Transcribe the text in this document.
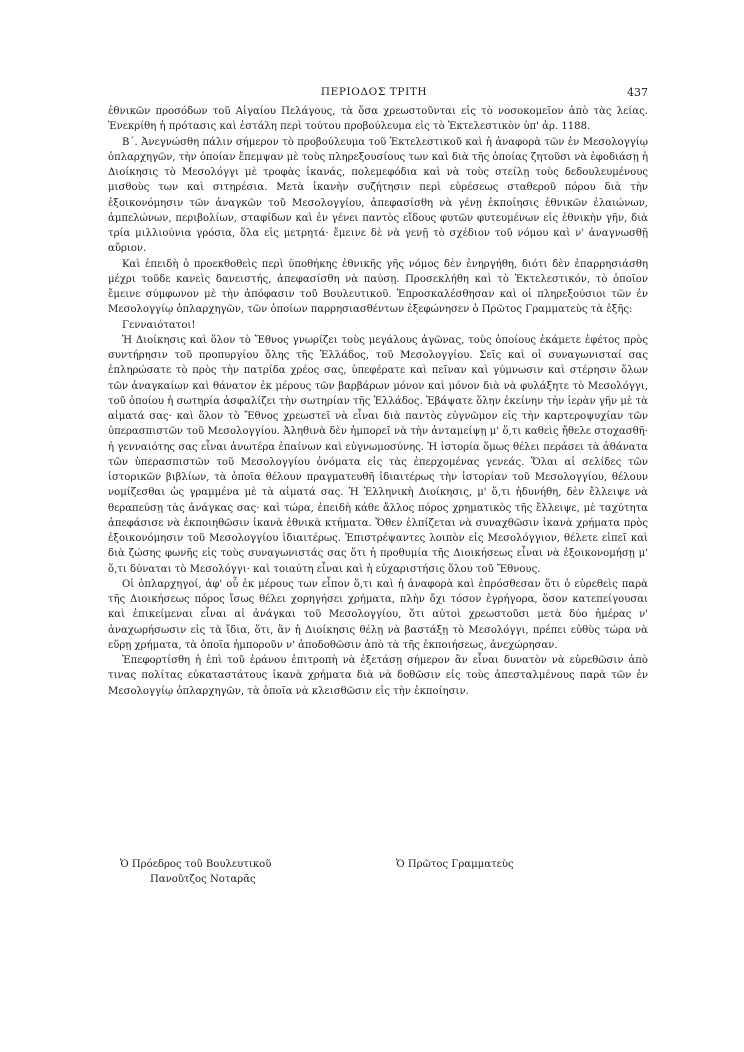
ΠΕΡΙΟΔΟΣ ΤΡΙΤΗ	437

ἐθνικῶν προσόδων τοῦ Αἰγαίου Πελάγους, τὰ ὅσα χρεωστοῦνται εἰς τὸ νοσοκομεῖον ἀπὸ τὰς λείας. Ἐνεκρίθη ἡ πρότασις καὶ ἐστάλη περὶ τούτου προβούλευμα εἰς τὸ Ἐκτελεστικὸν ὑπ' ἀρ. 1188.

Β΄. Ἀνεγνώσθη πάλιν σήμερον τὸ προβούλευμα τοῦ Ἐκτελεστικοῦ καὶ ἡ ἀναφορὰ τῶν ἐν Μεσολογγίῳ ὁπλαρχηγῶν, τὴν ὁποίαν ἔπεμψαν μὲ τοὺς πληρεξουσίους των καὶ διὰ τῆς ὁποίας ζητοῦσι νὰ ἐφοδιάσῃ ἡ Διοίκησις τὸ Μεσολόγγι μὲ τροφὰς ἱκανάς, πολεμεφόδια καὶ νὰ τοὺς στείλῃ τοὺς δεδουλευμένους μισθοὺς των καὶ σιτηρέσια. Μετὰ ἱκανὴν συζήτησιν περὶ εὑρέσεως σταθεροῦ πόρου διὰ τὴν ἐξοικονόμησιν τῶν ἀναγκῶν τοῦ Μεσολογγίου, ἀπεφασίσθη νὰ γένῃ ἐκποίησις ἐθνικῶν ἐλαιώνων, ἀμπελώνων, περιβολίων, σταφίδων καὶ ἐν γένει παντὸς εἴδους φυτῶν φυτευμένων εἰς ἐθνικὴν γῆν, διὰ τρία μιλλιούνια γρόσια, ὅλα εἰς μετρητά· ἔμεινε δὲ νὰ γενῇ τὸ σχέδιον τοῦ νόμου καὶ ν' ἀναγνωσθῇ αὔριον.

Καὶ ἐπειδὴ ὁ προεκθοθεὶς περὶ ὑποθήκης ἐθνικῆς γῆς νόμος δὲν ἐνηργήθη, διότι δὲν ἐπαρρησιάσθη μέχρι τοῦδε κανεὶς δανειστής, ἀπεφασίσθη νὰ παύσῃ. Προσεκλήθη καὶ τὸ Ἐκτελεστικόν, τὸ ὁποῖον ἔμεινε σύμφωνον μὲ τὴν ἀπόφασιν τοῦ Βουλευτικοῦ. Ἐπροσκαλέσθησαν καὶ οἱ πληρεξούσιοι τῶν ἐν Μεσολογγίῳ ὁπλαρχηγῶν, τῶν ὁποίων παρρησιασθέντων ἐξεφώνησεν ὁ Πρῶτος Γραμματεὺς τὰ ἑξῆς:

Γενναιότατοι!

Ἡ Διοίκησις καὶ ὅλον τὸ Ἔθνος γνωρίζει τοὺς μεγάλους ἀγῶνας, τοὺς ὁποίους ἐκάμετε ἐφέτος πρὸς συντήρησιν τοῦ προπυργίου ὅλης τῆς Ἑλλάδος, τοῦ Μεσολογγίου. Σεῖς καὶ οἱ συναγωνισταί σας ἐπληρώσατε τὸ πρὸς τὴν πατρίδα χρέος σας, ὑπεφέρατε καὶ πεῖναν καὶ γύμνωσιν καὶ στέρησιν ὅλων τῶν ἀναγκαίων καὶ θάνατον ἐκ μέρους τῶν βαρβάρων μόνον καὶ μόνον διὰ νὰ φυλάξητε τὸ Μεσολόγγι, τοῦ ὁποίου ἡ σωτηρία ἀσφαλίζει τὴν σωτηρίαν τῆς Ἑλλάδος. Ἐβάψατε ὅλην ἐκείνην τὴν ἱερὰν γῆν μὲ τὰ αἱματά σας· καὶ ὅλον τὸ Ἔθνος χρεωστεῖ νὰ εἶναι διὰ παντὸς εὐγνῶμον εἰς τὴν καρτεροψυχίαν τῶν ὑπερασπιστῶν τοῦ Μεσολογγίου. Ἀληθινὰ δὲν ἠμπορεῖ νὰ τὴν ἀνταμείψῃ μ' ὅ,τι καθεὶς ἤθελε στοχασθῆ· ἡ γενναιότης σας εἶναι ἀνωτέρα ἐπαίνων καὶ εὐγνωμοσύνης. Ἡ ἱστορία ὅμως θέλει περάσει τὰ ἀθάνατα τῶν ὑπερασπιστῶν τοῦ Μεσολογγίου ὀνόματα εἰς τὰς ἐπερχομένας γενεάς. Ὅλαι αἱ σελίδες τῶν ἱστορικῶν βιβλίων, τὰ ὁποῖα θέλουν πραγματευθῆ ἰδιαιτέρως τὴν ἱστορίαν τοῦ Μεσολογγίου, θέλουν νομίζεσθαι ὡς γραμμένα μὲ τὰ αἱματά σας. Ἡ Ἑλληνικὴ Διοίκησις, μ' ὅ,τι ἠδυνήθη, δὲν ἔλλειψε νὰ θεραπεύσῃ τὰς ἀνάγκας σας· καὶ τώρα, ἐπειδὴ κάθε ἄλλος πόρος χρηματικὸς τῆς ἔλλειψε, μὲ ταχύτητα ἀπεφάσισε νὰ ἐκποιηθῶσιν ἱκανὰ ἐθνικὰ κτήματα. Ὅθεν ἐλπίζεται νὰ συναχθῶσιν ἱκανὰ χρήματα πρὸς ἐξοικονόμησιν τοῦ Μεσολογγίου ἰδιαιτέρως. Ἐπιστρέψαντες λοιπὸν εἰς Μεσολόγγιον, θέλετε εἰπεῖ καὶ διὰ ζώσης φωνῆς εἰς τοὺς συναγωνιστάς σας ὅτι ἡ προθυμία τῆς Διοικήσεως εἶναι νὰ ἐξοικονομήσῃ μ' ὅ,τι δύναται τὸ Μεσολόγγι· καὶ τοιαύτη εἶναι καὶ ἡ εὐχαριστήσις ὅλου τοῦ Ἔθνους.

Οἱ ὁπλαρχηγοί, ἀφ' οὗ ἐκ μέρους των εἶπον ὅ,τι καὶ ἡ ἀναφορὰ καὶ ἐπρόσθεσαν ὅτι ὁ εὑρεθεὶς παρὰ τῆς Διοικήσεως πόρος ἴσως θέλει χορηγήσει χρήματα, πλὴν ὄχι τόσον ἐγρήγορα, ὅσον κατεπείγουσαι καὶ ἐπικείμεναι εἶναι αἱ ἀνάγκαι τοῦ Μεσολογγίου, ὅτι αὐτοὶ χρεωστοῦσι μετὰ δύο ἡμέρας ν' ἀναχωρήσωσιν εἰς τὰ ἴδια, ὅτι, ἂν ἡ Διοίκησις θέλῃ νὰ βαστάξῃ τὸ Μεσολόγγι, πρέπει εὐθὺς τώρα νὰ εὕρῃ χρήματα, τὰ ὁποῖα ἠμποροῦν ν' ἀποδοθῶσιν ἀπὸ τὰ τῆς ἐκποιήσεως, ἀνεχώρησαν.

Ἐπεφορτίσθη ἡ ἐπὶ τοῦ ἐράνου ἐπιτροπὴ νὰ ἐξετάσῃ σήμερον ἂν εἶναι δυνατὸν νὰ εὑρεθῶσιν ἀπὸ τινας πολίτας εὐκαταστάτους ἱκανὰ χρήματα διὰ νὰ δοθῶσιν εἰς τοὺς ἀπεσταλμένους παρὰ τῶν ἐν Μεσολογγίῳ ὁπλαρχηγῶν, τὰ ὁποῖα νὰ κλεισθῶσιν εἰς τὴν ἐκποίησιν.

Ὁ Πρόεδρος τοῦ Βουλευτικοῦ
Πανοῦτζος Νοταρᾶς
Ὁ Πρῶτος Γραμματεὺς
